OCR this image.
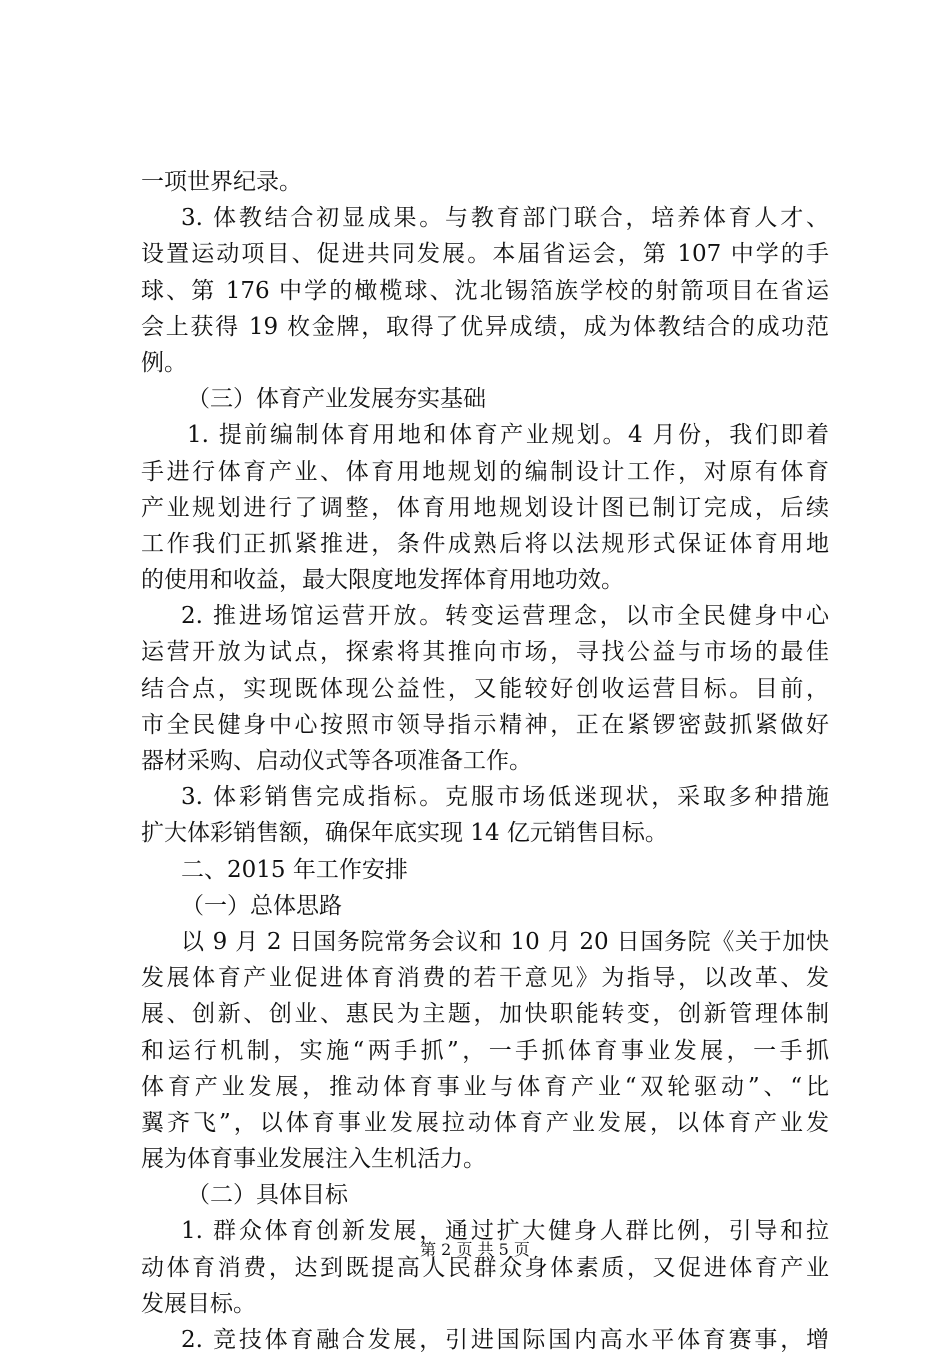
一项世界纪录。
3. 体教结合初显成果。与教育部门联合，培养体育人才、
设置运动项目、促进共同发展。本届省运会，第 107 中学的手
球、第 176 中学的橄榄球、沈北锡箔族学校的射箭项目在省运
会上获得 19 枚金牌，取得了优异成绩，成为体教结合的成功范
例。
（三）体育产业发展夯实基础
1. 提前编制体育用地和体育产业规划。4 月份，我们即着
手进行体育产业、体育用地规划的编制设计工作，对原有体育
产业规划进行了调整，体育用地规划设计图已制订完成，后续
工作我们正抓紧推进，条件成熟后将以法规形式保证体育用地
的使用和收益，最大限度地发挥体育用地功效。
2. 推进场馆运营开放。转变运营理念，以市全民健身中心
运营开放为试点，探索将其推向市场，寻找公益与市场的最佳
结合点，实现既体现公益性，又能较好创收运营目标。目前，
市全民健身中心按照市领导指示精神，正在紧锣密鼓抓紧做好
器材采购、启动仪式等各项准备工作。
3. 体彩销售完成指标。克服市场低迷现状，采取多种措施
扩大体彩销售额，确保年底实现 14 亿元销售目标。
二、2015 年工作安排
（一）总体思路
以 9 月 2 日国务院常务会议和 10 月 20 日国务院《关于加快
发展体育产业促进体育消费的若干意见》为指导，以改革、发
展、创新、创业、惠民为主题，加快职能转变，创新管理体制
和运行机制，实施“两手抓”，一手抓体育事业发展，一手抓
体育产业发展，推动体育事业与体育产业“双轮驱动”、“比
翼齐飞”，以体育事业发展拉动体育产业发展，以体育产业发
展为体育事业发展注入生机活力。
（二）具体目标
1. 群众体育创新发展，通过扩大健身人群比例，引导和拉
动体育消费，达到既提高人民群众身体素质，又促进体育产业
发展目标。
2. 竞技体育融合发展，引进国际国内高水平体育赛事，增
第 2 页 共 5 页
